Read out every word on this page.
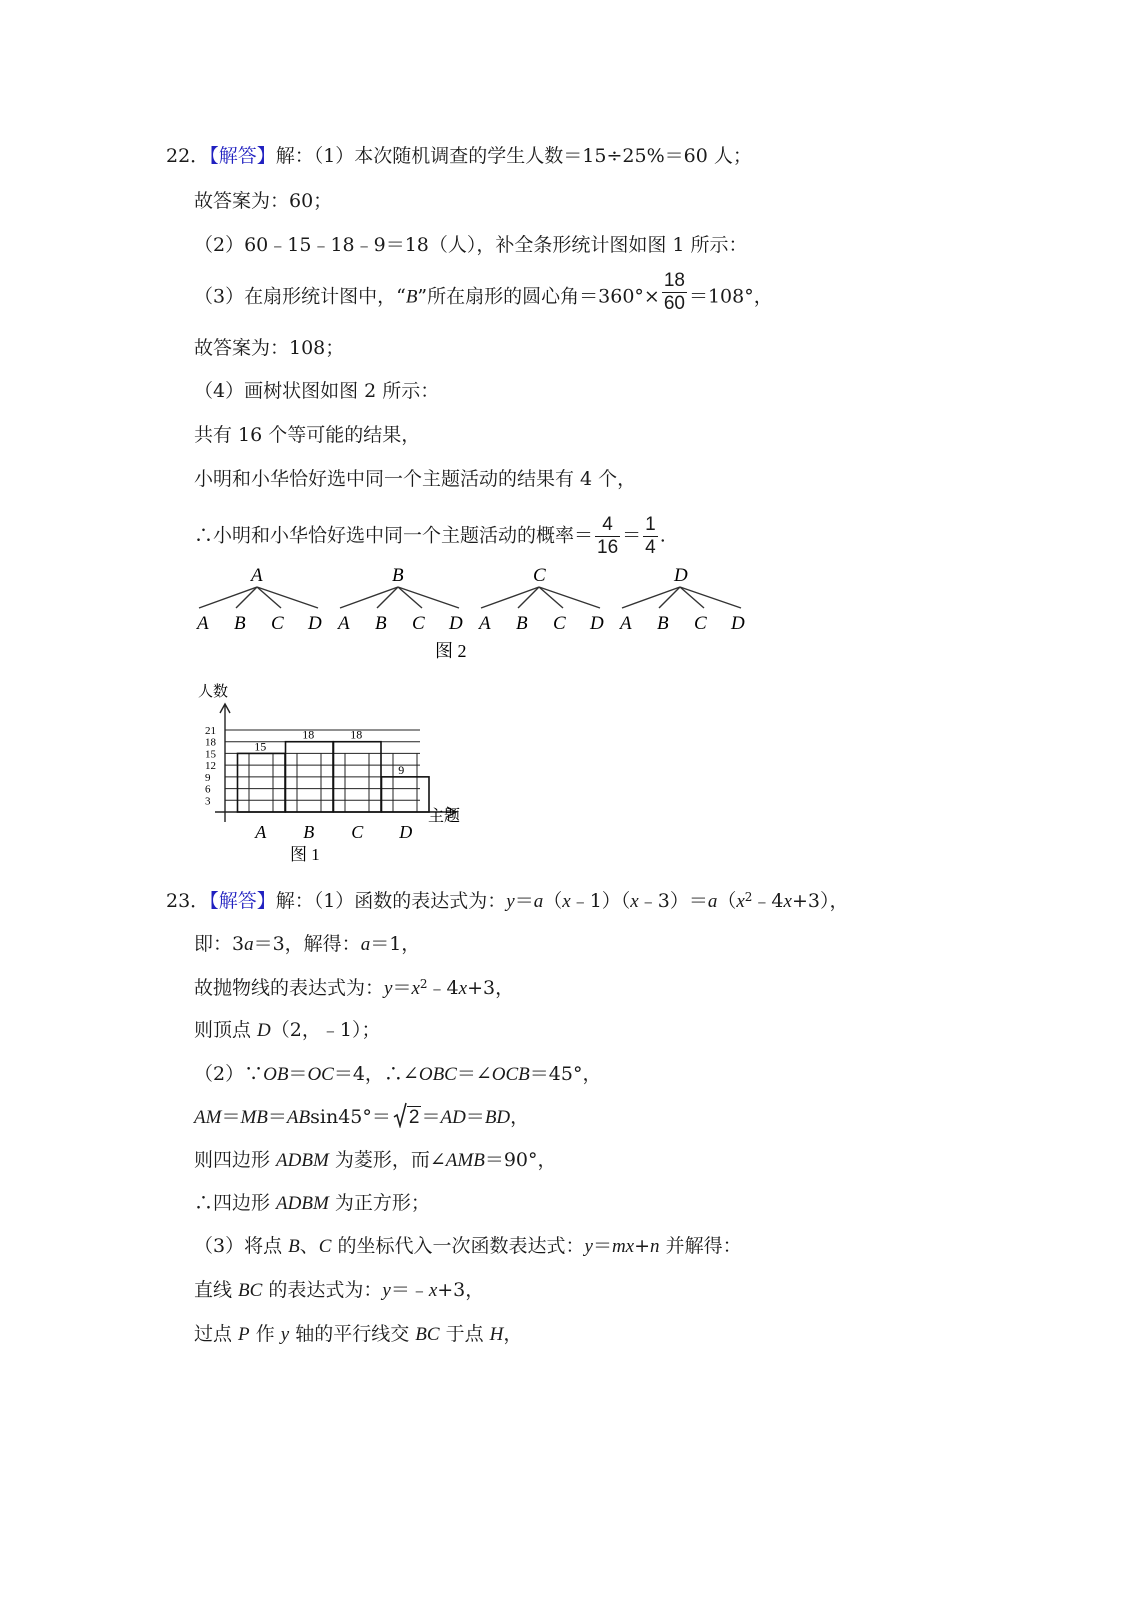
22．【解答】解：（1）本次随机调查的学生人数＝15÷25%＝60 人；
故答案为：60；
（2）60﹣15﹣18﹣9＝18（人），补全条形统计图如图 1 所示：
（3）在扇形统计图中，“B”所在扇形的圆心角$=360^\circ\times \frac{18}{60} =108^\circ$，
故答案为：108；
（4）画树状图如图 2 所示：
共有 16 个等可能的结果，
小明和小华恰好选中同一个主题活动的结果有 4 个，
∴小明和小华恰好选中同一个主题活动的概率＝ $\frac{4}{16} = \frac{1}{4}$ .
A
A B C D
B
A B C D
C
A B C D
D
A B C D
图 2
人数
3
6
9
12
15
18
21
15
A
18
B
18
C
9
D
主题
图 1
23．【解答】解：（1）函数的表达式为：$y=a(x﹣1)(x﹣3)=a(x^2﹣4x+3)$，
即：3a＝3，解得：a＝1，
故抛物线的表达式为：$y=x^2﹣4x+3$，
则顶点 D（2，﹣1）；
（2）∵OB＝OC＝4，∴∠OBC＝∠OCB＝45°，
AM＝MB＝ABsin45°＝ 2 ＝AD＝BD，
则四边形 ADBM 为菱形，而∠AMB＝90°，
∴四边形 ADBM 为正方形；
（3）将点 B、C 的坐标代入一次函数表达式：y＝mx+n 并解得：
直线 BC 的表达式为：y＝﹣x+3，
过点 P 作 y 轴的平行线交 BC 于点 H，
